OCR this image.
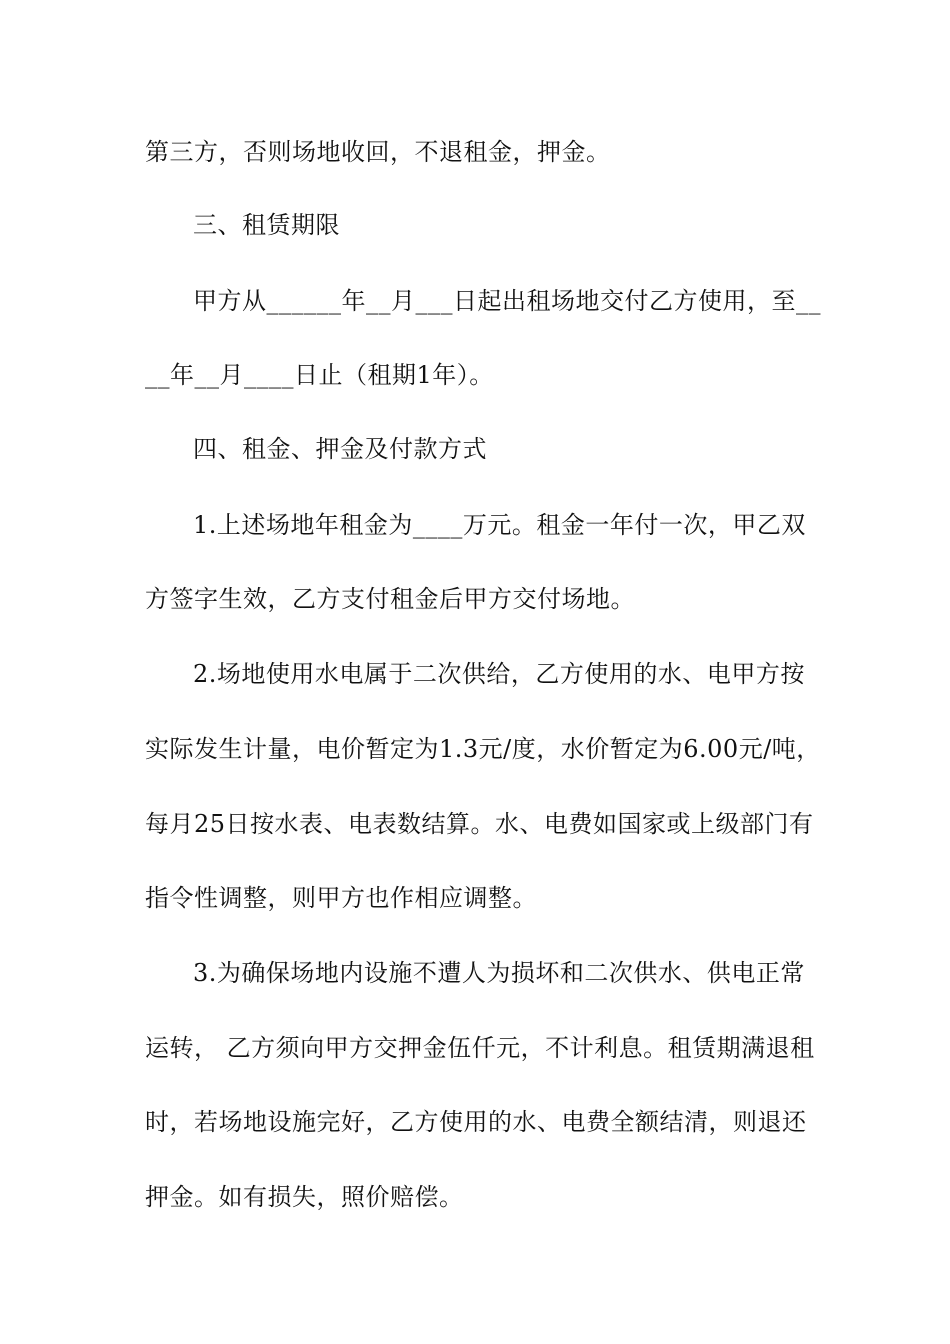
第三方，否则场地收回，不退租金，押金。
三、租赁期限
甲方从______年__月___日起出租场地交付乙方使用，至__
__年__月____日止（租期1年）。
四、租金、押金及付款方式
1.上述场地年租金为____万元。租金一年付一次，甲乙双
方签字生效，乙方支付租金后甲方交付场地。
2.场地使用水电属于二次供给，乙方使用的水、电甲方按
实际发生计量，电价暂定为1.3元/度，水价暂定为6.00元/吨，
每月25日按水表、电表数结算。水、电费如国家或上级部门有
指令性调整，则甲方也作相应调整。
3.为确保场地内设施不遭人为损坏和二次供水、供电正常
运转， 乙方须向甲方交押金伍仟元，不计利息。租赁期满退租
时，若场地设施完好，乙方使用的水、电费全额结清，则退还
押金。如有损失，照价赔偿。
